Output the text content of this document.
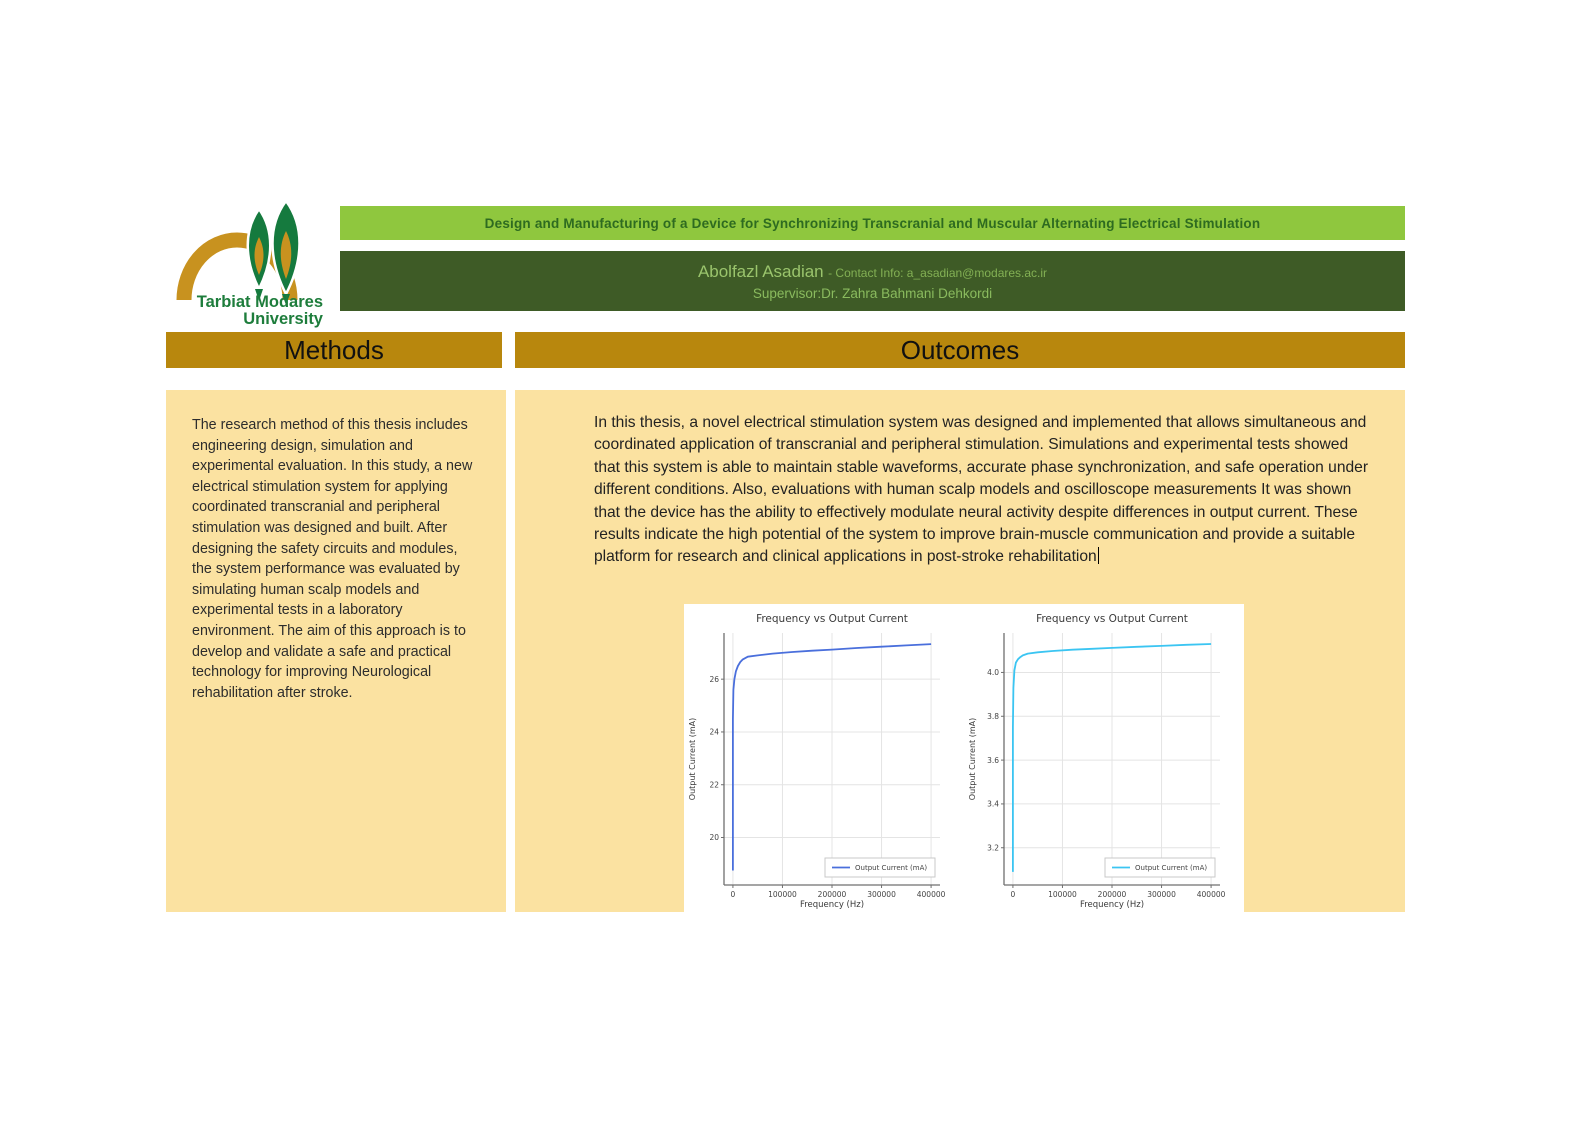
Tarbiat Modares
University
Design and Manufacturing of a Device for Synchronizing Transcranial and Muscular Alternating Electrical Stimulation
Abolfazl Asadian - Contact Info: a_asadian@modares.ac.ir
Supervisor:Dr. Zahra Bahmani Dehkordi
Methods	Outcomes
The research method of this thesis includes engineering design, simulation and experimental evaluation. In this study, a new electrical stimulation system for applying coordinated transcranial and peripheral stimulation was designed and built. After designing the safety circuits and modules, the system performance was evaluated by simulating human scalp models and experimental tests in a laboratory environment. The aim of this approach is to develop and validate a safe and practical technology for improving Neurological rehabilitation after stroke.
In this thesis, a novel electrical stimulation system was designed and implemented that allows simultaneous and coordinated application of transcranial and peripheral stimulation. Simulations and experimental tests showed that this system is able to maintain stable waveforms, accurate phase synchronization, and safe operation under different conditions. Also, evaluations with human scalp models and oscilloscope measurements It was shown that the device has the ability to effectively modulate neural activity despite differences in output current. These results indicate the high potential of the system to improve brain-muscle communication and provide a suitable platform for research and clinical applications in post-stroke rehabilitation
0	100000	200000	300000	400000
20
22
24
26
Frequency vs Output Current
Frequency (Hz)
Output Current (mA)
Output Current (mA)
0	100000	200000	300000	400000
3.2
3.4
3.6
3.8
4.0
Frequency vs Output Current
Frequency (Hz)
Output Current (mA)
Output Current (mA)
